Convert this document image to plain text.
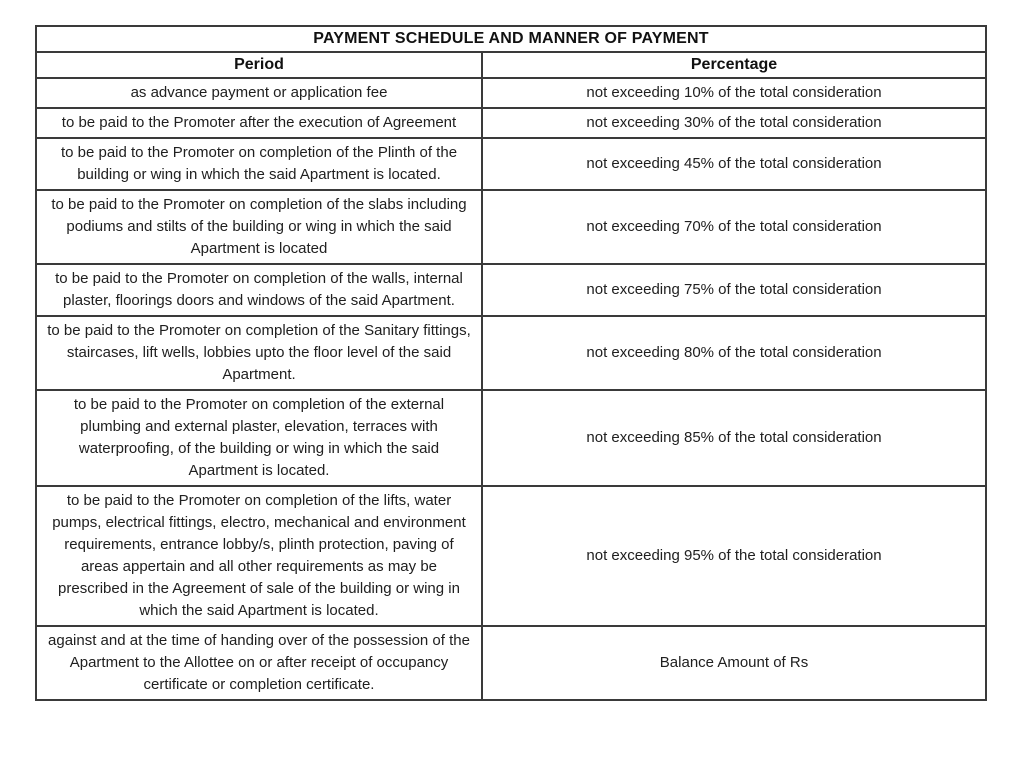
PAYMENT SCHEDULE AND MANNER OF PAYMENT	
Period	Percentage
as advance payment or application fee	not exceeding 10% of the total consideration
to be paid to the Promoter after the execution of Agreement	not exceeding 30% of the total consideration
to be paid to the Promoter on completion of the Plinth of the building or wing in which the said Apartment is located.	not exceeding 45% of the total consideration
to be paid to the Promoter on completion of the slabs including podiums and stilts of the building or wing in which the said Apartment is located	not exceeding 70% of the total consideration
to be paid to the Promoter on completion of the walls, internal plaster, floorings doors and windows of the said Apartment.	not exceeding 75% of the total consideration
to be paid to the Promoter on completion of the Sanitary fittings, staircases, lift wells, lobbies upto the floor level of the said Apartment.	not exceeding 80% of the total consideration
to be paid to the Promoter on completion of the external plumbing and external plaster, elevation, terraces with waterproofing, of the building or wing in which the said Apartment is located.	not exceeding 85% of the total consideration
to be paid to the Promoter on completion of the lifts, water pumps, electrical fittings, electro, mechanical and environment requirements, entrance lobby/s, plinth protection, paving of areas appertain and all other requirements as may be prescribed in the Agreement of sale of the building or wing in which the said Apartment is located.	not exceeding 95% of the total consideration
against and at the time of handing over of the possession of the Apartment to the Allottee on or after receipt of occupancy certificate or completion certificate.	Balance Amount of Rs
